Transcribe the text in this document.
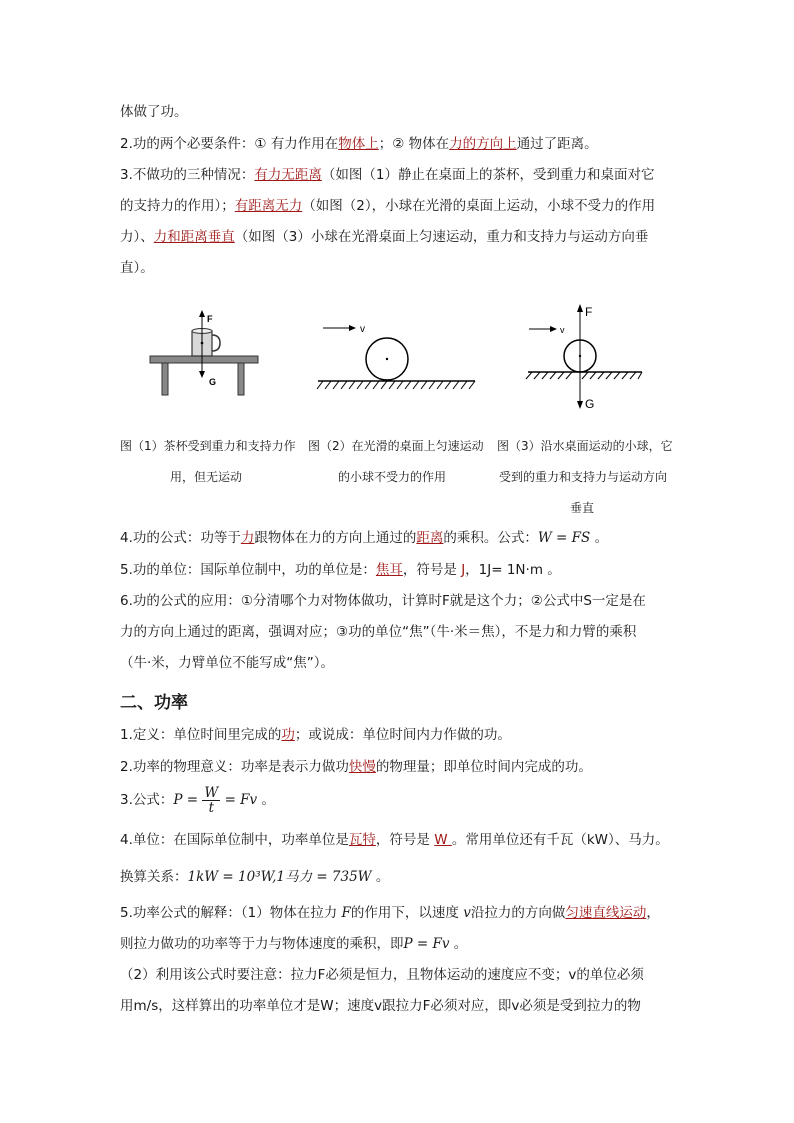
体做了功。
2.功的两个必要条件：① 有力作用在物体上；② 物体在力的方向上通过了距离。
3.不做功的三种情况：有力无距离（如图（1）静止在桌面上的茶杯，受到重力和桌面对它
的支持力的作用）；有距离无力（如图（2），小球在光滑的桌面上运动，小球不受力的作用
力）、力和距离垂直（如图（3）小球在光滑桌面上匀速运动，重力和支持力与运动方向垂
直）。
F
G
v	v
F
G
图（1）茶杯受到重力和支持力作
用，但无运动
图（2）在光滑的桌面上匀速运动
的小球不受力的作用
图（3）沿水桌面运动的小球，它
受到的重力和支持力与运动方向
垂直
4.功的公式：功等于力跟物体在力的方向上通过的距离的乘积。公式：W = FS 。
5.功的单位：国际单位制中，功的单位是：焦耳，符号是 J，1J= 1N·m 。
6.功的公式的应用：①分清哪个力对物体做功，计算时F就是这个力；②公式中S一定是在
力的方向上通过的距离，强调对应；③功的单位“焦”（牛·米＝焦），不是力和力臂的乘积
（牛·米，力臂单位不能写成“焦”）。
二、功率
1.定义：单位时间里完成的功；或说成：单位时间内力作做的功。
2.功率的物理意义：功率是表示力做功快慢的物理量；即单位时间内完成的功。
3.公式：$P = \frac{W}{t} = Fv$ 。
4.单位：在国际单位制中，功率单位是瓦特，符号是 W 。常用单位还有千瓦（kW）、马力。
换算关系：1kW = 10³W,1马力 = 735W 。
5.功率公式的解释：（1）物体在拉力 F的作用下，以速度 v沿拉力的方向做匀速直线运动，
则拉力做功的功率等于力与物体速度的乘积，即P = Fv 。
（2）利用该公式时要注意：拉力F必须是恒力，且物体运动的速度应不变；v的单位必须
用m/s，这样算出的功率单位才是W；速度v跟拉力F必须对应，即v必须是受到拉力的物
